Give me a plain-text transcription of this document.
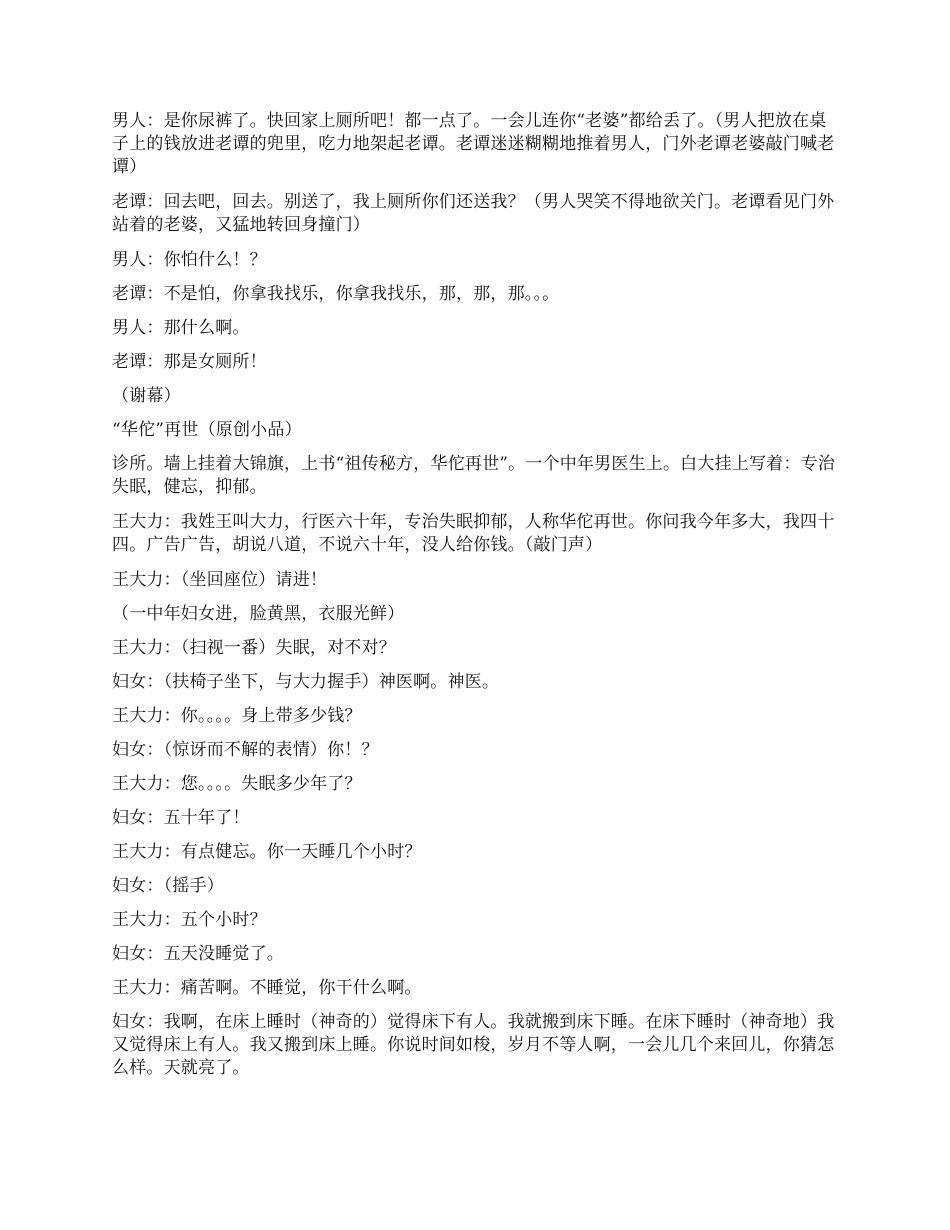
男人：是你尿裤了。快回家上厕所吧！都一点了。一会儿连你“老婆”都给丢了。（男人把放在桌子上的钱放进老谭的兜里，吃力地架起老谭。老谭迷迷糊糊地推着男人，门外老谭老婆敲门喊老谭）

老谭：回去吧，回去。别送了，我上厕所你们还送我？（男人哭笑不得地欲关门。老谭看见门外站着的老婆，又猛地转回身撞门）

男人：你怕什么！？

老谭：不是怕，你拿我找乐，你拿我找乐，那，那，那。。。

男人：那什么啊。

老谭：那是女厕所！

（谢幕）

“华佗”再世（原创小品）

诊所。墙上挂着大锦旗，上书“祖传秘方，华佗再世”。一个中年男医生上。白大挂上写着：专治失眠，健忘，抑郁。

王大力：我姓王叫大力，行医六十年，专治失眠抑郁，人称华佗再世。你问我今年多大，我四十四。广告广告，胡说八道，不说六十年，没人给你钱。（敲门声）

王大力：（坐回座位）请进！

（一中年妇女进，脸黄黑，衣服光鲜）

王大力：（扫视一番）失眠，对不对？

妇女：（扶椅子坐下，与大力握手）神医啊。神医。

王大力：你。。。。身上带多少钱？

妇女：（惊讶而不解的表情）你！？

王大力：您。。。。失眠多少年了？

妇女：五十年了！

王大力：有点健忘。你一天睡几个小时？

妇女：（摇手）

王大力：五个小时？

妇女：五天没睡觉了。

王大力：痛苦啊。不睡觉，你干什么啊。

妇女：我啊，在床上睡时（神奇的）觉得床下有人。我就搬到床下睡。在床下睡时（神奇地）我又觉得床上有人。我又搬到床上睡。你说时间如梭，岁月不等人啊，一会儿几个来回儿，你猜怎么样。天就亮了。
